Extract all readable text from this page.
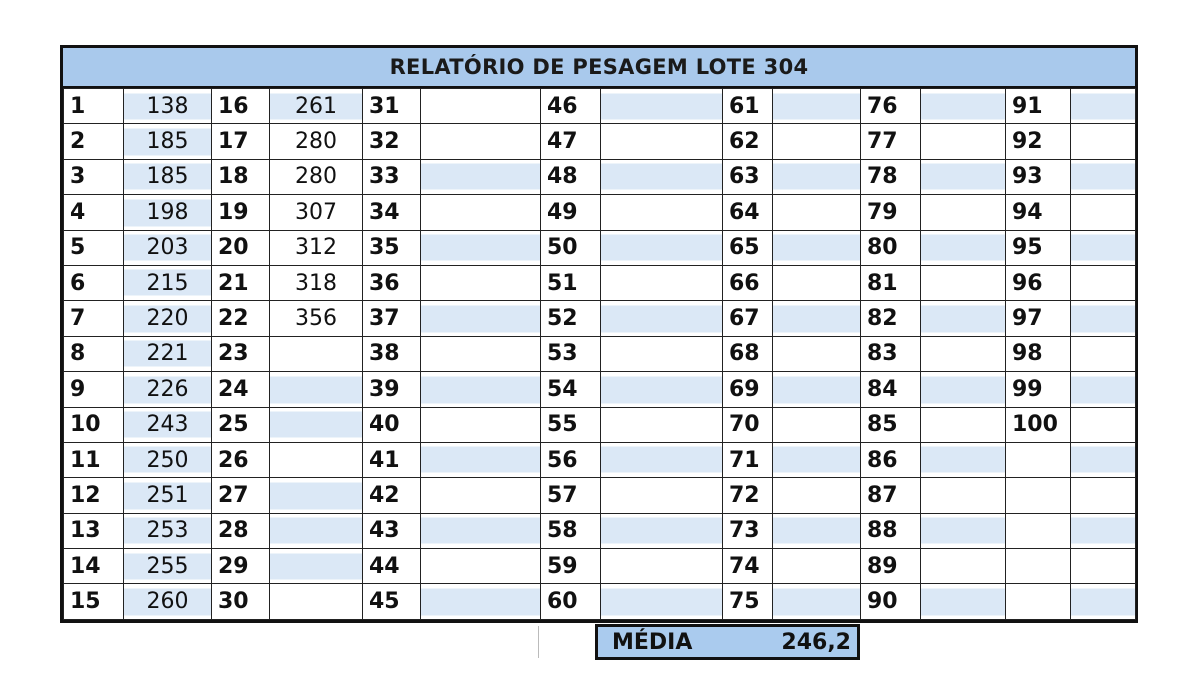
RELATÓRIO DE PESAGEM LOTE 304
1	138	16	261	31		46		61		76		91	
2	185	17	280	32		47		62		77		92	
3	185	18	280	33		48		63		78		93	
4	198	19	307	34		49		64		79		94	
5	203	20	312	35		50		65		80		95	
6	215	21	318	36		51		66		81		96	
7	220	22	356	37		52		67		82		97	
8	221	23		38		53		68		83		98	
9	226	24		39		54		69		84		99	
10	243	25		40		55		70		85		100	
11	250	26		41		56		71		86			
12	251	27		42		57		72		87			
13	253	28		43		58		73		88			
14	255	29		44		59		74		89			
15	260	30		45		60		75		90			
MÉDIA	246,2
